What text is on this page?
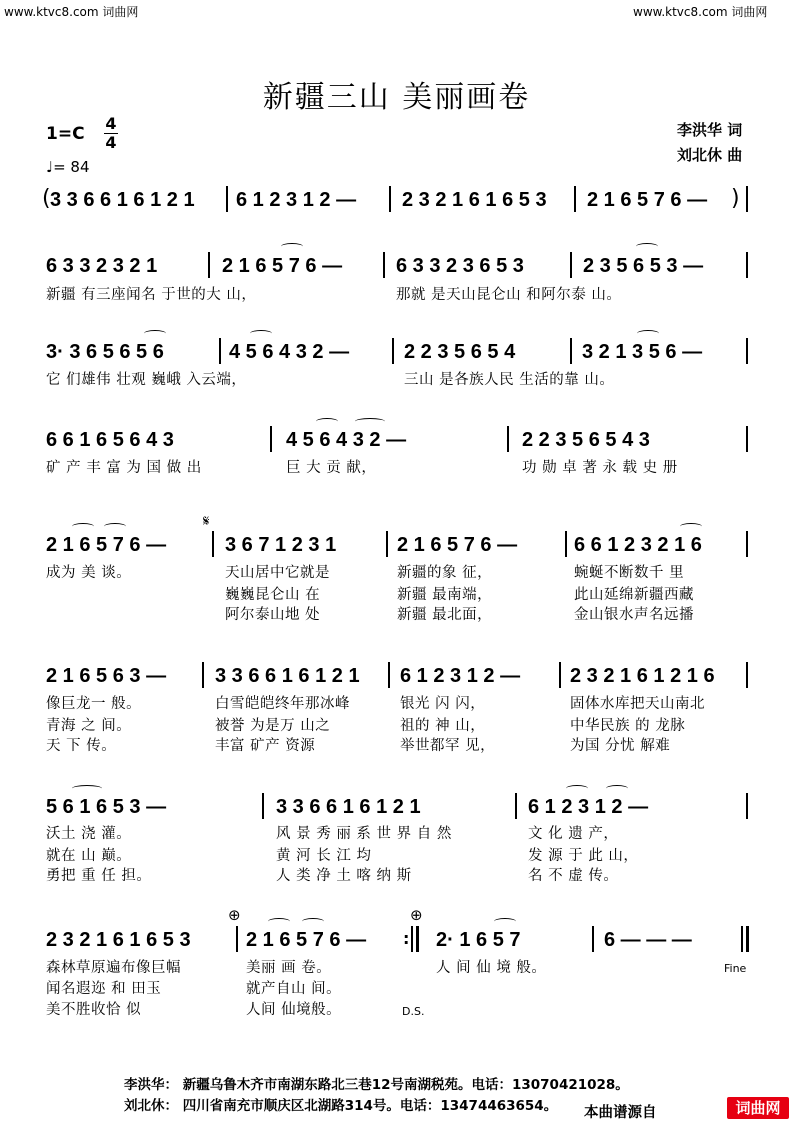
www.ktvc8.com 词曲网	www.ktvc8.com 词曲网
新疆三山 美丽画卷
1=C
4
4
♩= 84
李洪华 词
刘北休 曲
( 3 3 6 6 1 6 1 2 1 6 1 2 3 1 2 — 2 3 2 1 6 1 6 5 3 2 1 6 5 7 6 — )
6 3 3 2 3 2 1	2 1 6 5 7 6 —	6 3 3 2 3 6 5 3	2 3 5 6 5 3 —
新疆 有三座闻名 于世的大 山，	那就 是天山昆仑山 和阿尔泰 山。
3· 3 6 5 6 5 6	4 5 6 4 3 2 —	2 2 3 5 6 5 4	3 2 1 3 5 6 —
它 们雄伟 壮观 巍峨 入云端，	三山 是各族人民 生活的靠 山。
6 6 1 6 5 6 4 3	4 5 6 4 3 2 —	2 2 3 5 6 5 4 3
矿 产 丰 富 为 国 做 出	巨 大 贡 献，	功 勋 卓 著 永 载 史 册
𝄋
2 1 6 5 7 6 —	3 6 7 1 2 3 1	2 1 6 5 7 6 —	6 6 1 2 3 2 1 6
成为 美 谈。	天山居中它就是	新疆的象 征，	蜿蜒不断数千 里
巍巍昆仑山 在	新疆 最南端，	此山延绵新疆西藏
阿尔泰山地 处	新疆 最北面，	金山银水声名远播
2 1 6 5 6 3 — 3 3 6 6 1 6 1 2 1 6 1 2 3 1 2 — 2 3 2 1 6 1 2 1 6
像巨龙一 般。	白雪皑皑终年那冰峰	银光 闪 闪，	固体水库把天山南北
青海 之 间。	被誉 为是万 山之	祖的 神 山，	中华民族 的 龙脉
天 下 传。	丰富 矿产 资源	举世都罕 见，	为国 分忧 解难
5 6 1 6 5 3 —	3 3 6 6 1 6 1 2 1	6 1 2 3 1 2 —
沃土 浇 灌。	风 景 秀 丽 系 世 界 自 然	文 化 遗 产，
就在 山 巅。	黄 河 长 江 均	发 源 于 此 山，
勇把 重 任 担。	人 类 净 土 喀 纳 斯	名 不 虚 传。
⊕	⊕
2 3 2 1 6 1 6 5 3	2 1 6 5 7 6 — : 2· 1 6 5 7	6 — — —
Fine
森林草原遍布像巨幅	美丽 画 卷。	人 间 仙 境 般。
闻名遐迩 和 田玉	就产自山 间。
美不胜收恰 似	人间 仙境般。	D.S.
李洪华： 新疆乌鲁木齐市南湖东路北三巷12号南湖税苑。电话：13070421028。
刘北休： 四川省南充市顺庆区北湖路314号。电话：13474463654。 本曲谱源自	词曲网
